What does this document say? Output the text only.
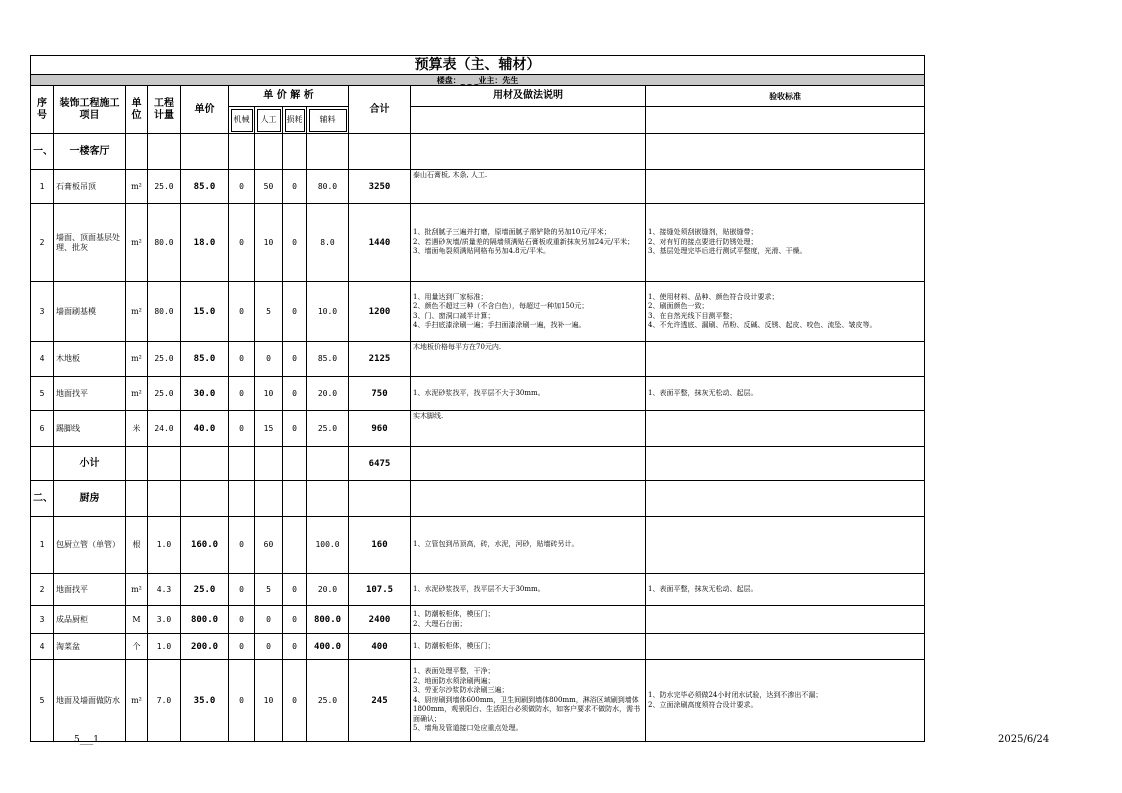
预算表（主、辅材）											
楼盘：_ _ _业主：先生											
序 号	装饰工程施工项目	单位	工程计量	单价	单 价 解 析				合计	用材及做法说明	验收标准
					机械	人工	损耗	辅料			
一、	一楼客厅										
1	石膏板吊顶	m²	25.0	85.0	0	50	0	80.0	3250	泰山石膏板, 木条, 人工.	
2	墙面、顶面基层处理、批灰	m²	80.0	18.0	0	10	0	8.0	1440	1、批刮腻子三遍并打磨，原墙面腻子需铲除的另加10元/平米；
2、若遇砂灰墙/质量差的隔墙须满贴石膏板或重新抹灰另加24元/平米；
3、墙面龟裂须满贴网格布另加4.8元/平米。	1、接缝处须刮嵌缝剂，贴嵌缝带；
2、对有钉的接点要进行防锈处理；
3、基层处理完毕后进行测试平整度，光滑、干燥。
3	墙面刷基模	m²	80.0	15.0	0	5	0	10.0	1200	1、用量达到厂家标准；
2、颜色不超过三种（不含白色），每超过一种加150元；
3、门、窗洞口减半计算；
4、手扫底漆涂刷一遍；手扫面漆涂刷一遍，找补一遍。	1、使用材料、品种、颜色符合设计要求；
2、刷面颜色一致；
3、在自然光线下目测平整；
4、不允许透底、漏刷、吊粉、反碱、反锈、起皮、咬色、流坠、皱皮等。
4	木地板	m²	25.0	85.0	0	0	0	85.0	2125	木地板价格每平方在70元内.	
5	地面找平	m²	25.0	30.0	0	10	0	20.0	750	1、水泥砂浆找平，找平层不大于30mm。	1、表面平整，抹灰无松动、起层。
6	踢脚线	米	24.0	40.0	0	15	0	25.0	960	实木脚线.	
	小计								6475		
二、	厨房										
1	包厨立管（单管）	根	1.0	160.0	0	60		100.0	160	1、立管包到吊顶高，砖，水泥，河砂，贴墙砖另计。	
2	地面找平	m²	4.3	25.0	0	5	0	20.0	107.5	1、水泥砂浆找平，找平层不大于30mm。	1、表面平整，抹灰无松动、起层。
3	成品厨柜	M	3.0	800.0	0	0	0	800.0	2400	1、防潮板柜体，模压门；
2、大理石台面；	
4	淘菜盆	个	1.0	200.0	0	0	0	400.0	400	1、防潮板柜体，模压门；	
5	地面及墙面做防水	m²	7.0	35.0	0	10	0	25.0	245	1、表面处理平整，干净；
2、地面防水须涂刷两遍；
3、劳亚尔沙浆防水涂刷三遍；
4、厨房刷到墙体600mm，卫生间刷到墙体800mm，淋浴区域刷到墙体1800mm，观景阳台、生活阳台必须做防水，如客户要求不做防水，需书面确认；
5、墙角及管道接口处应重点处理。	1、防水完毕必须做24小时闭水试验，达到不渗出不漏；
2、立面涂刷高度须符合设计要求。
5___1	2025/6/24
